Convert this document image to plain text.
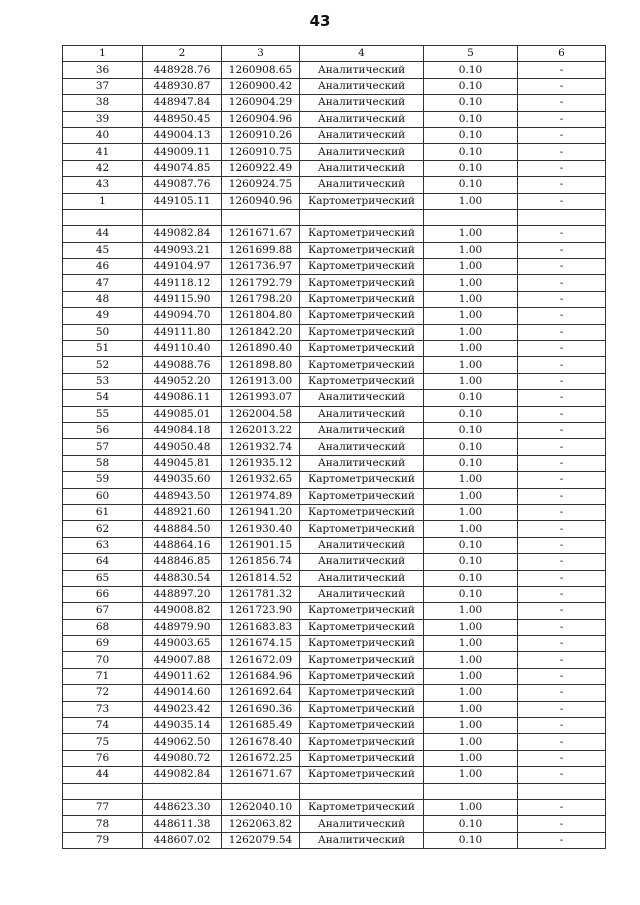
43
1	2	3	4	5	6
36	448928.76	1260908.65	Аналитический	0.10	-
37	448930.87	1260900.42	Аналитический	0.10	-
38	448947.84	1260904.29	Аналитический	0.10	-
39	448950.45	1260904.96	Аналитический	0.10	-
40	449004.13	1260910.26	Аналитический	0.10	-
41	449009.11	1260910.75	Аналитический	0.10	-
42	449074.85	1260922.49	Аналитический	0.10	-
43	449087.76	1260924.75	Аналитический	0.10	-
1	449105.11	1260940.96	Картометрический	1.00	-

44	449082.84	1261671.67	Картометрический	1.00	-
45	449093.21	1261699.88	Картометрический	1.00	-
46	449104.97	1261736.97	Картометрический	1.00	-
47	449118.12	1261792.79	Картометрический	1.00	-
48	449115.90	1261798.20	Картометрический	1.00	-
49	449094.70	1261804.80	Картометрический	1.00	-
50	449111.80	1261842.20	Картометрический	1.00	-
51	449110.40	1261890.40	Картометрический	1.00	-
52	449088.76	1261898.80	Картометрический	1.00	-
53	449052.20	1261913.00	Картометрический	1.00	-
54	449086.11	1261993.07	Аналитический	0.10	-
55	449085.01	1262004.58	Аналитический	0.10	-
56	449084.18	1262013.22	Аналитический	0.10	-
57	449050.48	1261932.74	Аналитический	0.10	-
58	449045.81	1261935.12	Аналитический	0.10	-
59	449035.60	1261932.65	Картометрический	1.00	-
60	448943.50	1261974.89	Картометрический	1.00	-
61	448921.60	1261941.20	Картометрический	1.00	-
62	448884.50	1261930.40	Картометрический	1.00	-
63	448864.16	1261901.15	Аналитический	0.10	-
64	448846.85	1261856.74	Аналитический	0.10	-
65	448830.54	1261814.52	Аналитический	0.10	-
66	448897.20	1261781.32	Аналитический	0.10	-
67	449008.82	1261723.90	Картометрический	1.00	-
68	448979.90	1261683.83	Картометрический	1.00	-
69	449003.65	1261674.15	Картометрический	1.00	-
70	449007.88	1261672.09	Картометрический	1.00	-
71	449011.62	1261684.96	Картометрический	1.00	-
72	449014.60	1261692.64	Картометрический	1.00	-
73	449023.42	1261690.36	Картометрический	1.00	-
74	449035.14	1261685.49	Картометрический	1.00	-
75	449062.50	1261678.40	Картометрический	1.00	-
76	449080.72	1261672.25	Картометрический	1.00	-
44	449082.84	1261671.67	Картометрический	1.00	-

77	448623.30	1262040.10	Картометрический	1.00	-
78	448611.38	1262063.82	Аналитический	0.10	-
79	448607.02	1262079.54	Аналитический	0.10	-
